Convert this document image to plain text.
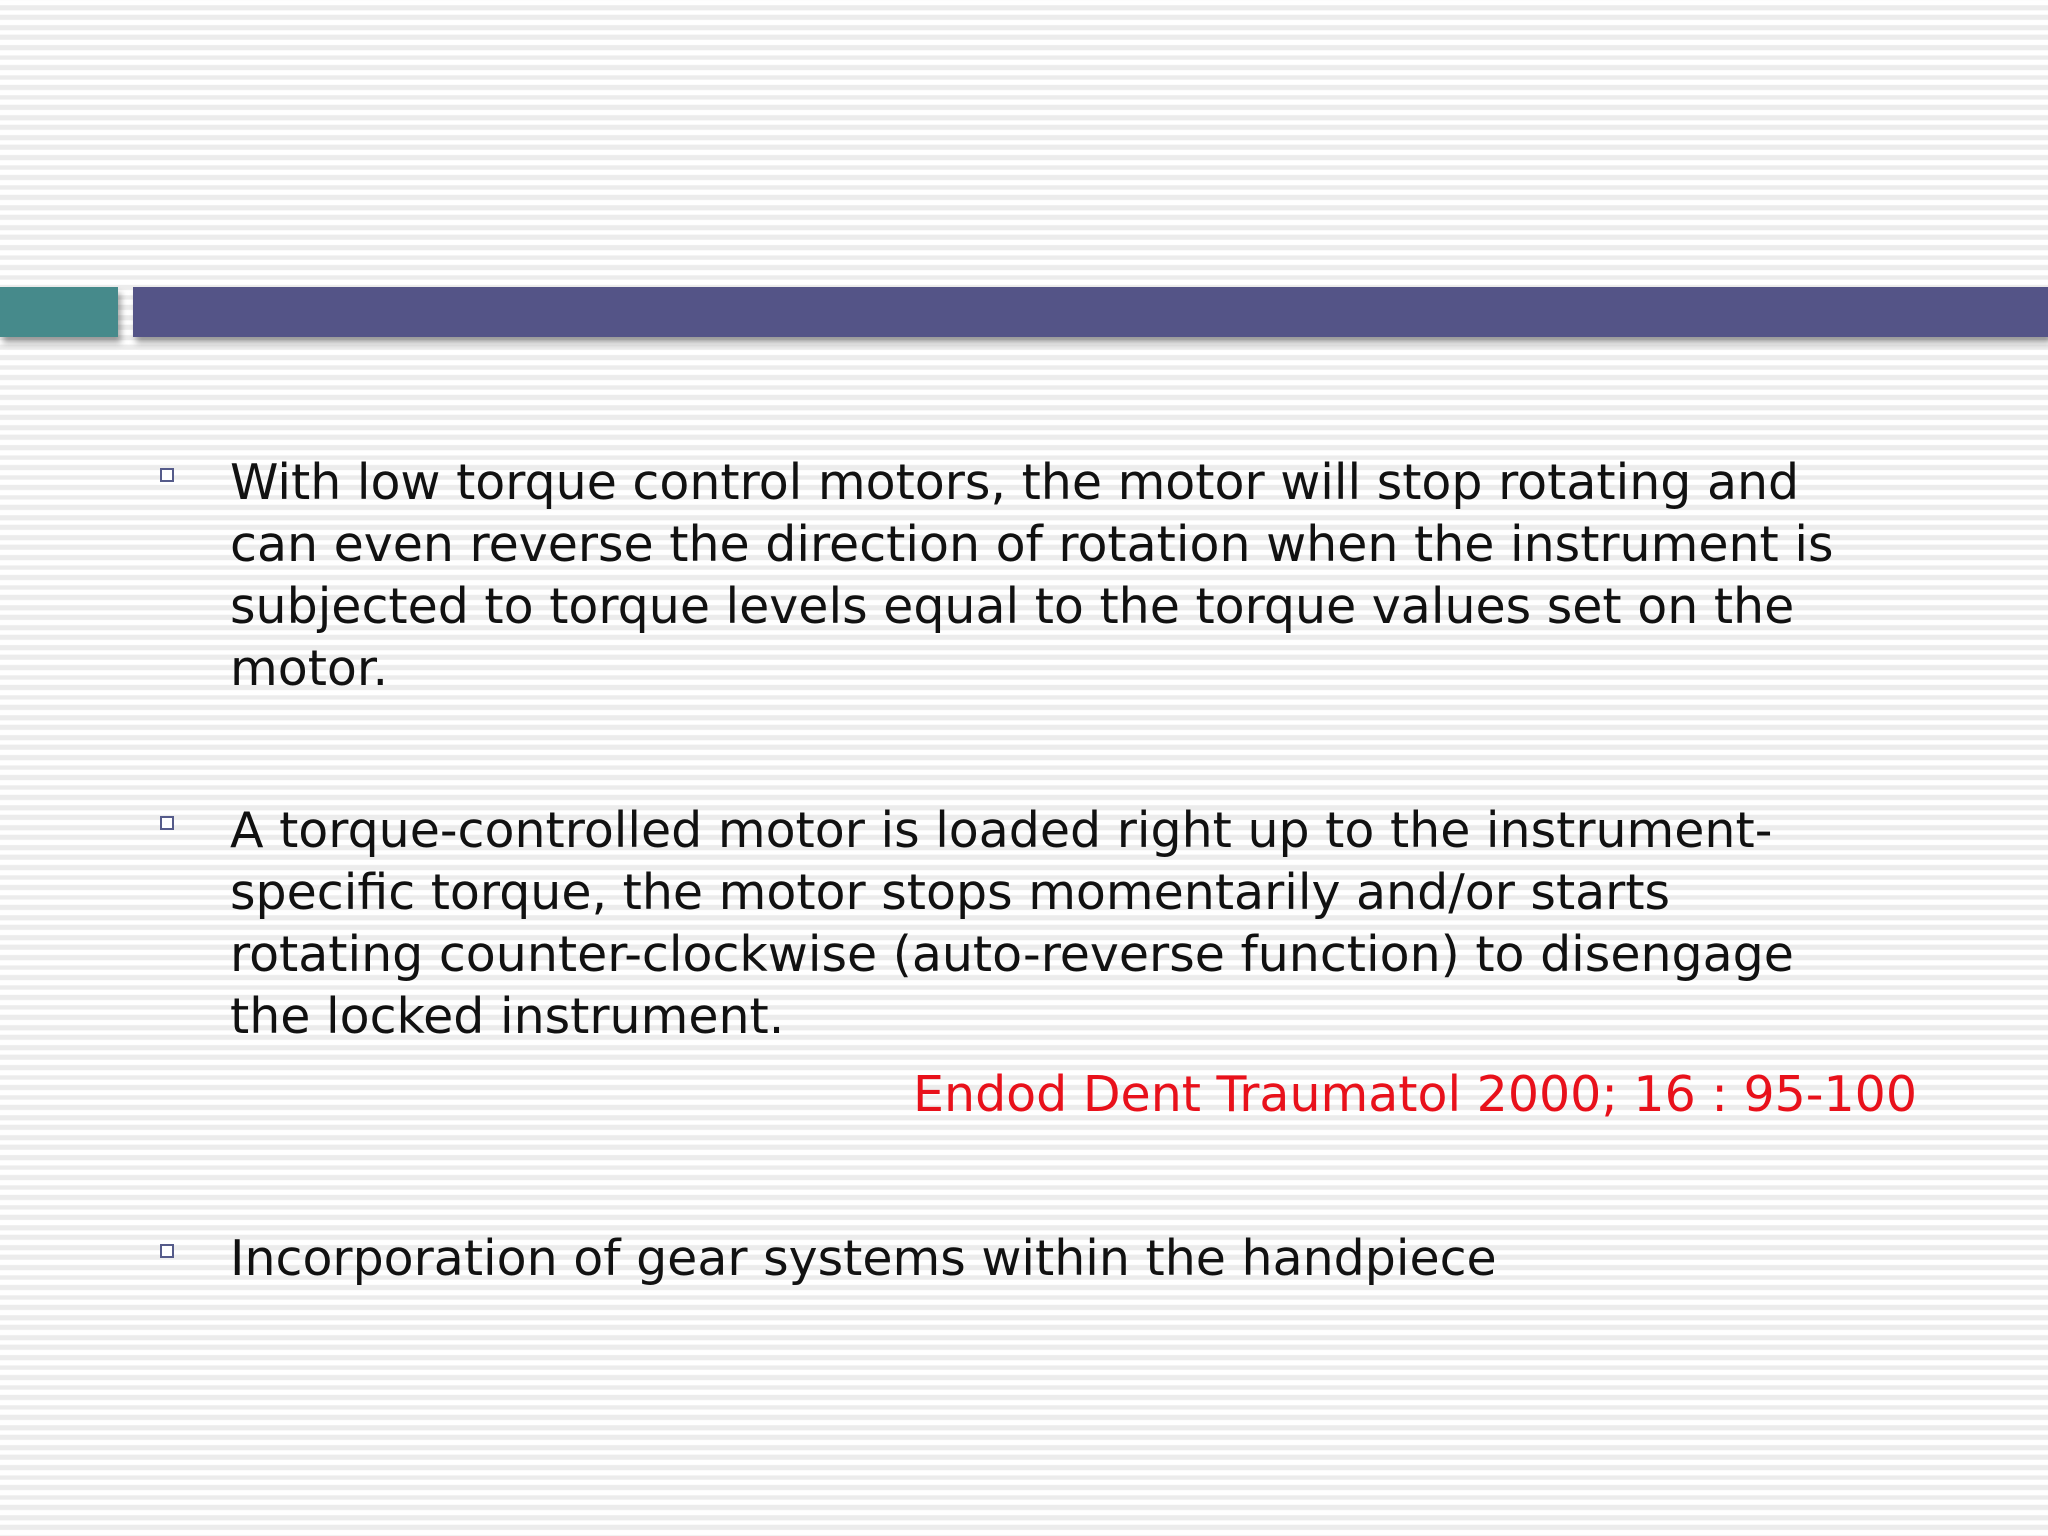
With low torque control motors, the motor will stop rotating and
can even reverse the direction of rotation when the instrument is
subjected to torque levels equal to the torque values set on the
motor.
A torque-controlled motor is loaded right up to the instrument-
specific torque, the motor stops momentarily and/or starts
rotating counter-clockwise (auto-reverse function) to disengage
the locked instrument.
Endod Dent Traumatol 2000; 16 : 95-100
Incorporation of gear systems within the handpiece
